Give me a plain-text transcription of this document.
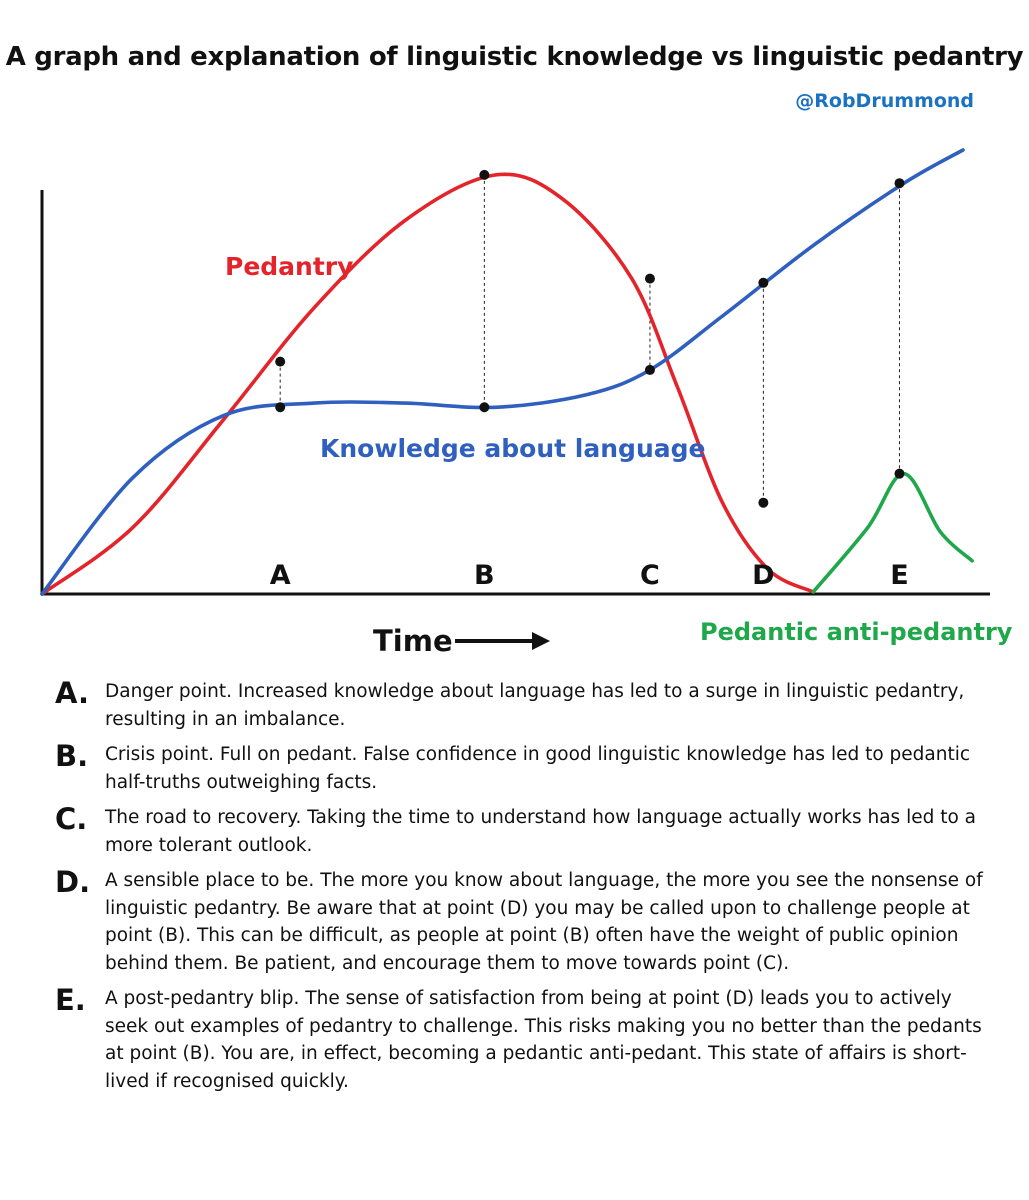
A graph and explanation of linguistic knowledge vs linguistic pedantry
@RobDrummond
A	B	C	D	E
Pedantry
Knowledge about language
Pedantic anti-pedantry
Time
A. Danger point. Increased knowledge about language has led to a surge in linguistic pedantry, resulting in an imbalance.
B. Crisis point. Full on pedant. False confidence in good linguistic knowledge has led to pedantic half-truths outweighing facts.
C. The road to recovery. Taking the time to understand how language actually works has led to a more tolerant outlook.
D. A sensible place to be. The more you know about language, the more you see the nonsense of linguistic pedantry. Be aware that at point (D) you may be called upon to challenge people at point (B). This can be difficult, as people at point (B) often have the weight of public opinion behind them. Be patient, and encourage them to move towards point (C).
E.	A post-pedantry blip. The sense of satisfaction from being at point (D) leads you to actively seek out examples of pedantry to challenge. This risks making you no better than the pedants at point (B). You are, in effect, becoming a pedantic anti-pedant. This state of affairs is short-lived if recognised quickly.
